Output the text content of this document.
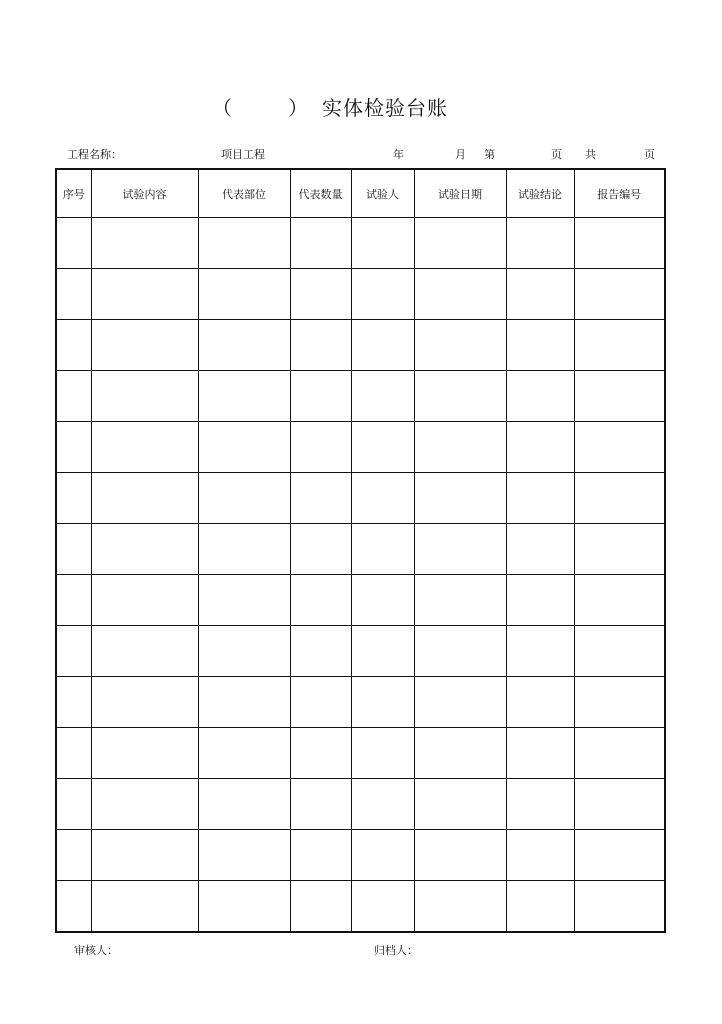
（	） 实体检验台账
工程名称：	项目工程	年	月 第	页 共	页
序号	试验内容	代表部位	代表数量	试验人	试验日期	试验结论	报告编号

审核人：	归档人：
